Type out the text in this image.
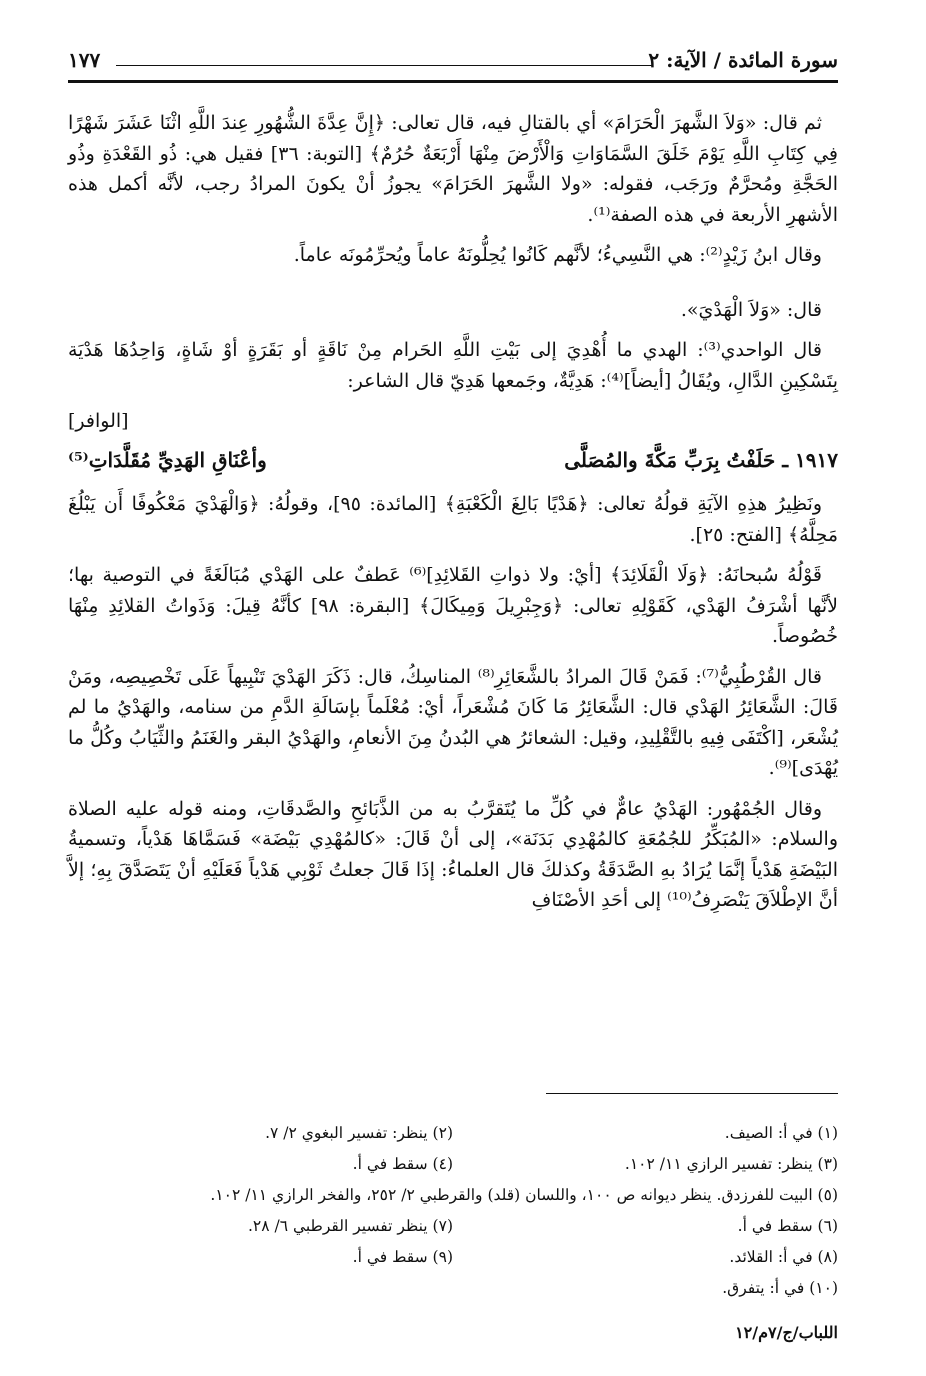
سورة المائدة / الآية: ٢
١٧٧

ثم قال: «وَلاَ الشَّهرَ الْحَرَامَ» أي بالقتالِ فيه، قال تعالى: ﴿إِنَّ عِدَّةَ الشُّهُورِ عِندَ اللَّهِ اثْنَا عَشَرَ شَهْرًا فِي كِتَابِ اللَّهِ يَوْمَ خَلَقَ السَّمَاوَاتِ وَالْأَرْضَ مِنْهَا أَرْبَعَةٌ حُرُمٌ﴾ [التوبة: ٣٦] فقيل هي: ذُو القَعْدَةِ وذُو الحَجَّةِ ومُحرَّمٌ ورَجَب، فقوله: «ولا الشَّهرَ الحَرَامَ» يجوزُ أنْ يكونَ المرادُ رجب، لأنَّه أكمل هذه الأشهرِ الأربعة في هذه الصفة⁽¹⁾.

وقال ابنُ زَيْدٍ⁽²⁾: هي النَّسِيءُ؛ لأنَّهم كَانُوا يُحِلُّونَهُ عاماً ويُحرِّمُونَه عاماً.

قال: «وَلاَ الْهَدْيَ».

قال الواحدي⁽³⁾: الهدي ما أُهْدِيَ إلى بَيْتِ اللَّهِ الحَرام مِنْ نَاقَةٍ أو بَقَرَةٍ أوْ شَاةٍ، وَاحِدُهَا هَدْيَة بِتَسْكِينِ الدَّالِ، ويُقَالُ [أيضاً]⁽⁴⁾: هَدِيَّةٌ، وجَمعها هَدِيّ قال الشاعر:

[الوافر]
١٩١٧ ـ حَلَفْتُ بِرَبِّ مَكَّةَ والمُصَلَّى
وأعْنَاقِ الهَدِيِّ مُقَلَّدَاتِ⁽⁵⁾

ونَظِيرُ هذِهِ الآيَةِ قولُهُ تعالى: ﴿هَدْيًا بَالِغَ الْكَعْبَةِ﴾ [المائدة: ٩٥]، وقولُهُ: ﴿وَالْهَدْيَ مَعْكُوفًا أَن يَبْلُغَ مَحِلَّهُ﴾ [الفتح: ٢٥].

قَوْلُهُ سُبحانَهُ: ﴿وَلَا الْقَلَائِدَ﴾ [أيْ: ولا ذواتِ القَلائِدِ]⁽⁶⁾ عَطفٌ على الهَدْي مُبَالَغَةً في التوصية بها؛ لأنَّها أشْرَفُ الهَدْي، كَقَوْلِهِ تعالى: ﴿وَجِبْرِيلَ وَمِيكَالَ﴾ [البقرة: ٩٨] كأنَّهُ قِيلَ: وَذَواتُ القلائِدِ مِنْهَا خُصُوصاً.

قال القُرْطُبِيُّ⁽⁷⁾: فَمَنْ قَالَ المرادُ بالشَّعَائِرِ⁽⁸⁾ المناسِكُ، قال: ذَكَرَ الهَدْيَ تَنْبِيهاً عَلَى تَخْصِيصِه، ومَنْ قَالَ: الشَّعَائِرُ الهَدْي قال: الشَّعَائِرُ مَا كَانَ مُشْعَراً، أيْ: مُعْلَماً بإسَالَةِ الدَّمِ من سنامه، والهَدْيُ ما لم يُشْعَر، [اكْتَفَى فِيهِ بالتَّقْلِيدِ، وقيل: الشعائرُ هي البُدنُ مِنَ الأنعامِ، والهَدْيُ البقر والغَنَمُ والثِّيَابُ وكُلُّ ما يُهْدَى]⁽⁹⁾.

وقال الجُمْهُور: الهَدْيُ عامٌّ في كُلِّ ما يُتَقرَّبُ به من الذَّبَائحِ والصَّدقَاتِ، ومنه قوله عليه الصلاة والسلام: «المُبَكِّرُ للجُمُعَةِ كالمُهْدِي بَدَنَة»، إلى أنْ قَالَ: «كالمُهْدِي بَيْضَة» فَسَمَّاهَا هَدْياً، وتسميةُ البَيْضَةِ هَدْياً إنَّمَا يُرَادُ بهِ الصَّدَقَةُ وكذلكَ قال العلماءُ: إذَا قَالَ جعلتُ ثَوْبِي هَدْياً فَعَلَيْهِ أنْ يَتَصَدَّقَ بِهِ؛ إلاَّ أنَّ الإطْلاَقَ يَنْصَرِفُ⁽¹⁰⁾ إلى أحَدِ الأصْنَافِ

(١) في أ: الصيف.
(٢) ينظر: تفسير البغوي ٢/ ٧.
(٣) ينظر: تفسير الرازي ١١/ ١٠٢.
(٤) سقط في أ.
(٥) البيت للفرزدق. ينظر ديوانه ص ١٠٠، واللسان (قلد) والقرطبي ٢/ ٢٥٢، والفخر الرازي ١١/ ١٠٢.
(٦) سقط في أ.
(٧) ينظر تفسير القرطبي ٦/ ٢٨.
(٨) في أ: القلائد.
(٩) سقط في أ.
(١٠) في أ: يتفرق.
اللباب/ج/٧م/١٢
